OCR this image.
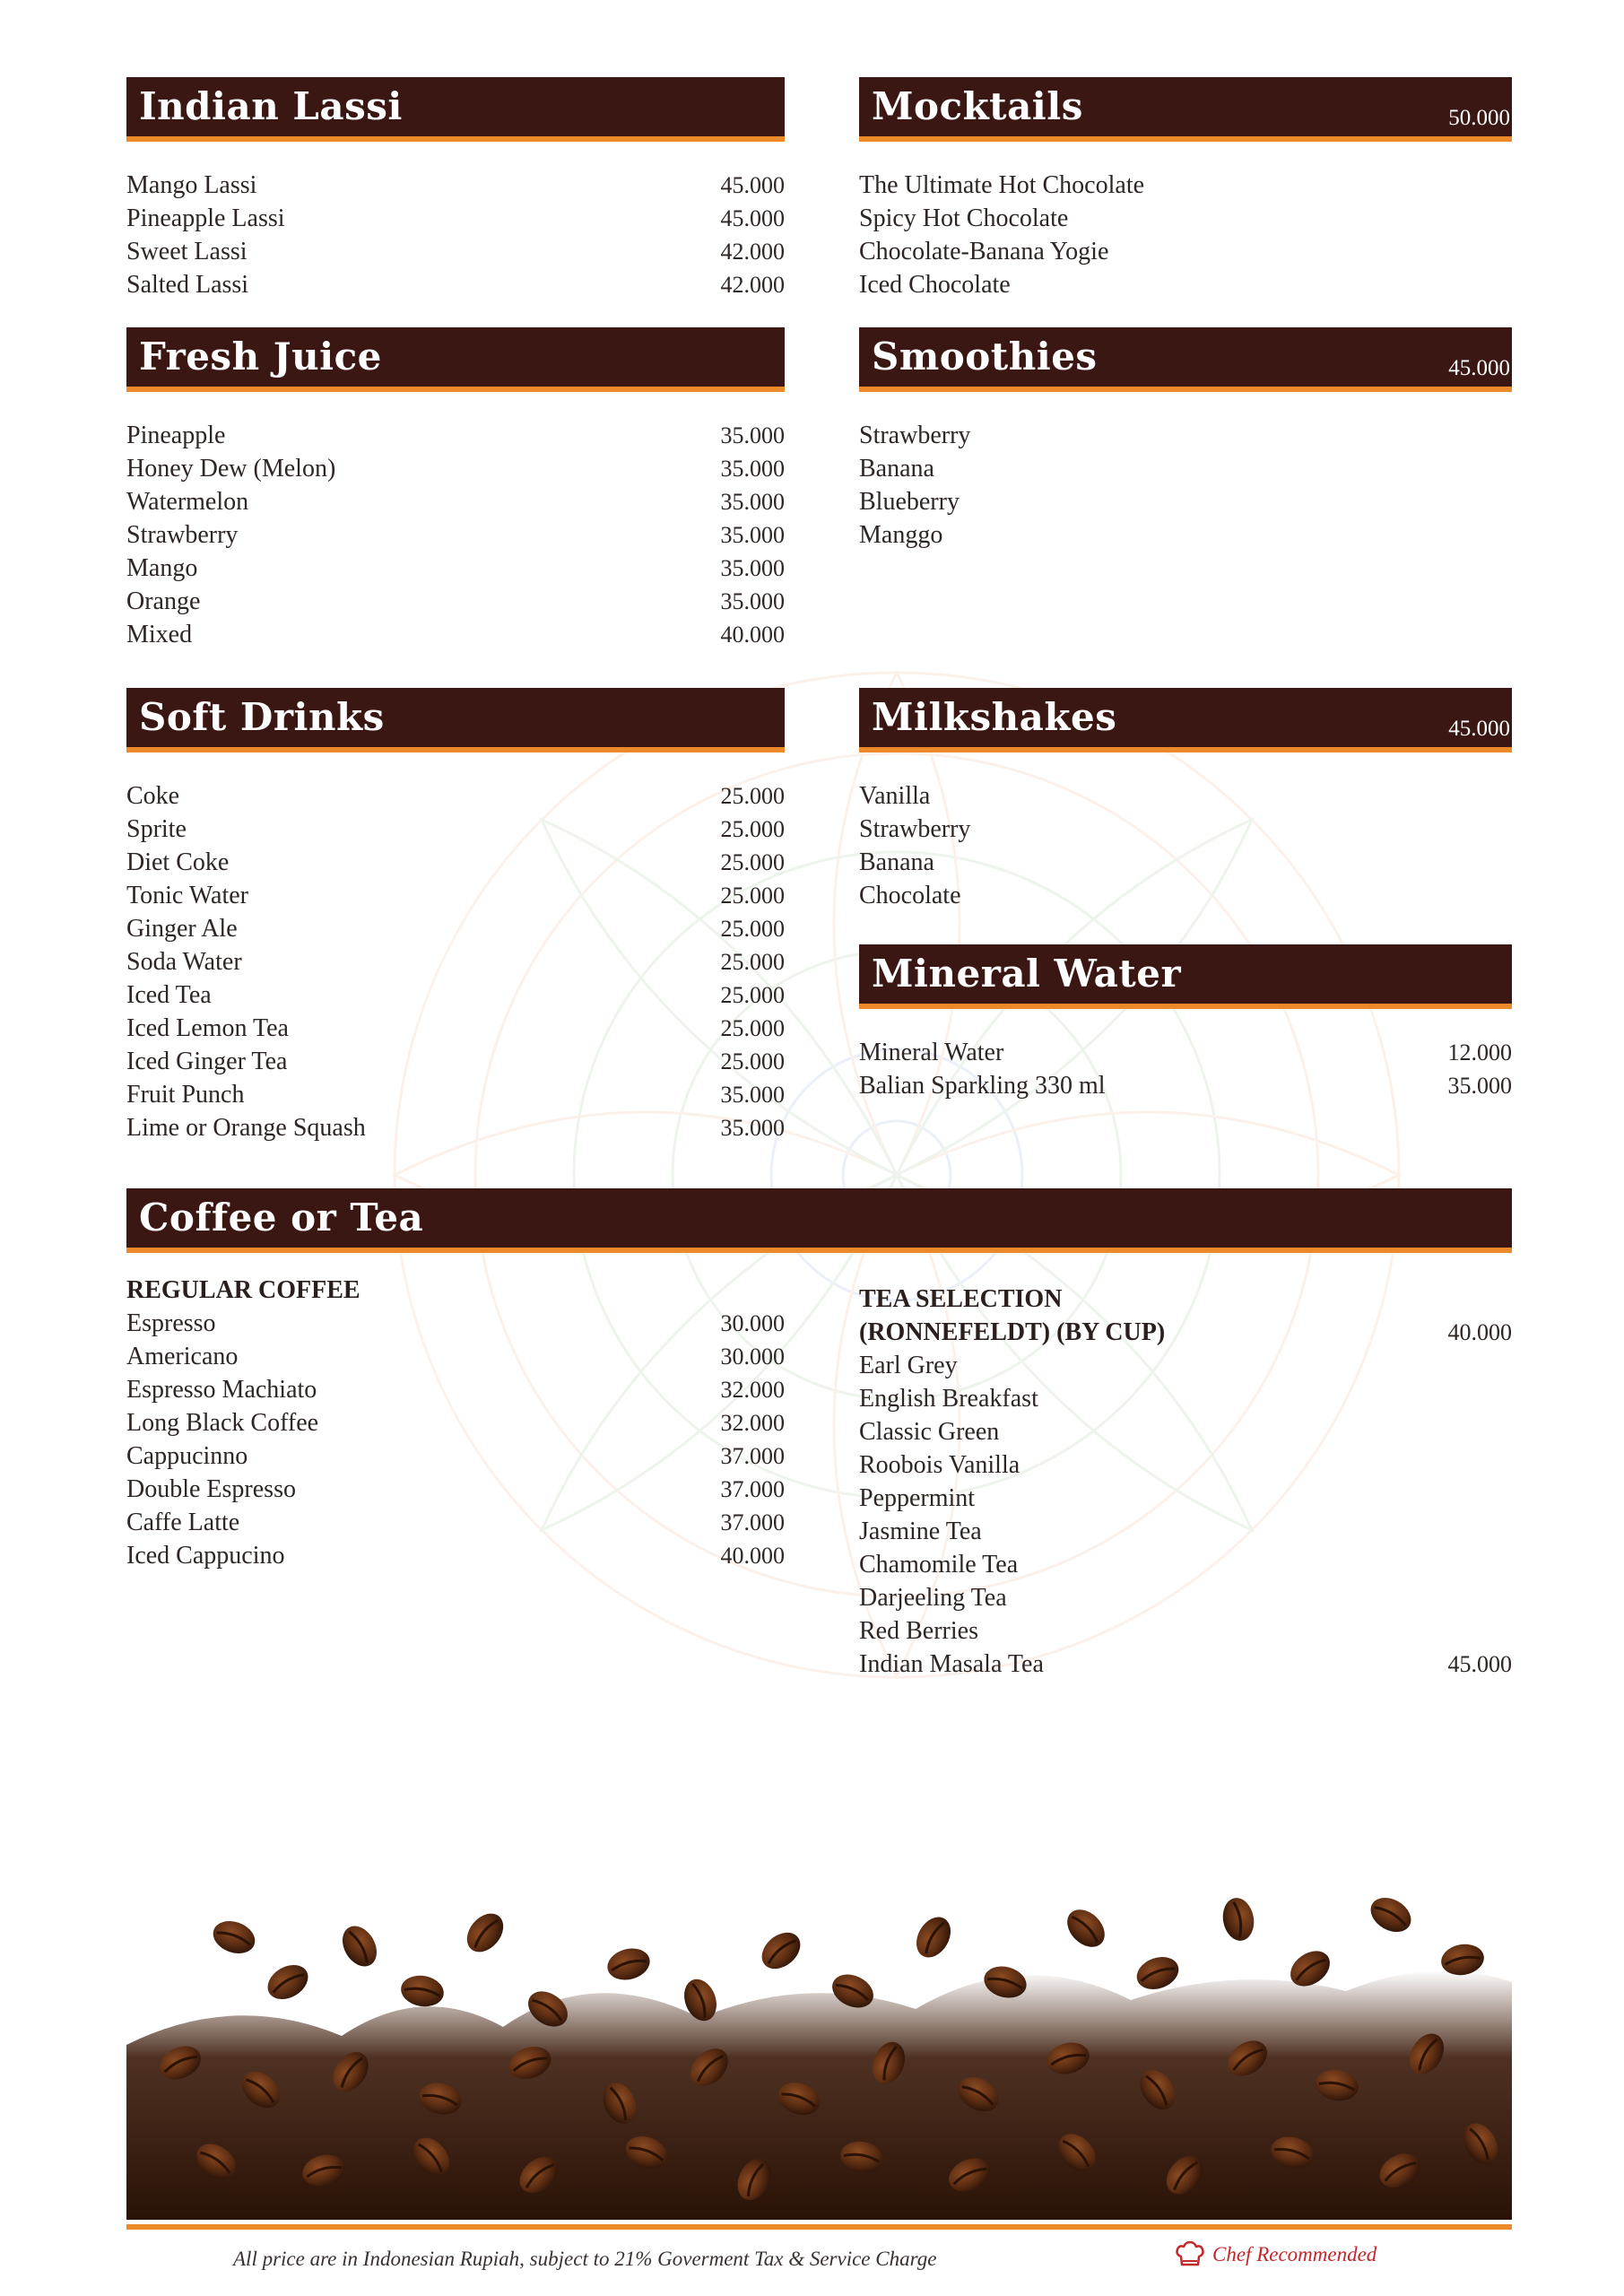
Indian Lassi
Mango Lassi	45.000
Pineapple Lassi	45.000
Sweet Lassi	42.000
Salted Lassi	42.000
Mocktails	50.000
The Ultimate Hot Chocolate
Spicy Hot Chocolate
Chocolate-Banana Yogie
Iced Chocolate
Fresh Juice
Pineapple	35.000
Honey Dew (Melon)	35.000
Watermelon	35.000
Strawberry	35.000
Mango	35.000
Orange	35.000
Mixed	40.000
Smoothies	45.000
Strawberry
Banana
Blueberry
Manggo
Soft Drinks
Coke	25.000
Sprite	25.000
Diet Coke	25.000
Tonic Water	25.000
Ginger Ale	25.000
Soda Water	25.000
Iced Tea	25.000
Iced Lemon Tea	25.000
Iced Ginger Tea	25.000
Fruit Punch	35.000
Lime or Orange Squash	35.000
Milkshakes	45.000
Vanilla
Strawberry
Banana
Chocolate
Mineral Water
Mineral Water	12.000
Balian Sparkling 330 ml	35.000
Coffee or Tea
REGULAR COFFEE
Espresso	30.000
Americano	30.000
Espresso Machiato	32.000
Long Black Coffee	32.000
Cappucinno	37.000
Double Espresso	37.000
Caffe Latte	37.000
Iced Cappucino	40.000
TEA SELECTION
(RONNEFELDT) (BY CUP)	40.000
Earl Grey
English Breakfast
Classic Green
Roobois Vanilla
Peppermint
Jasmine Tea
Chamomile Tea
Darjeeling Tea
Red Berries
Indian Masala Tea	45.000
All price are in Indonesian Rupiah, subject to 21% Goverment Tax & Service Charge	Chef Recommended
